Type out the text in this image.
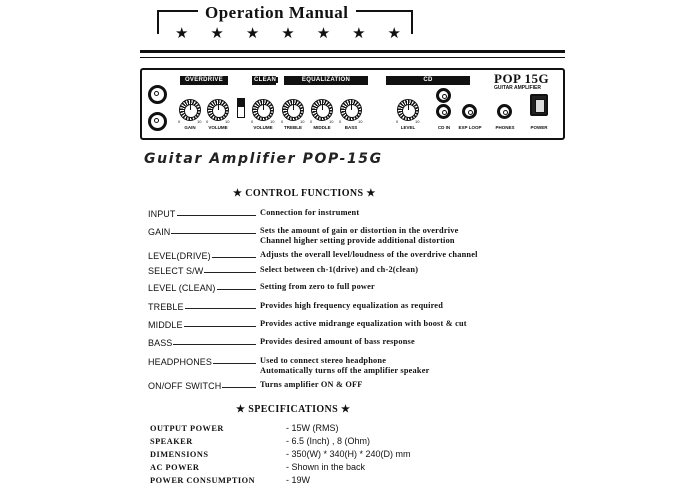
Operation Manual
★ ★ ★ ★ ★ ★ ★
OVERDRIVE	CLEAN	EQUALIZATION	CD
GAIN	VOLUME	VOLUME	TREBLE	MIDDLE	BASS	LEVEL
0	10 0	10	0	10 0	10 0	10 0	10	0	10
CD IN	EXP LOOP	PHONES
POP 15G
GUITAR AMPLIFIER
POWER
Guitar Amplifier POP-15G
★ CONTROL FUNCTIONS ★
INPUT	Connection for instrument
GAIN	Sets the amount of gain or distortion in the overdrive
Channel higher setting provide additional distortion
LEVEL(DRIVE)	Adjusts the overall level/loudness of the overdrive channel
SELECT S/W	Select between ch-1(drive) and ch-2(clean)
LEVEL (CLEAN)	Setting from zero to full power
TREBLE	Provides high frequency equalization as required
MIDDLE	Provides active midrange equalization with boost & cut
BASS	Provides desired amount of bass response
HEADPHONES	Used to connect stereo headphone
Automatically turns off the amplifier speaker
ON/OFF SWITCH	Turns amplifier ON & OFF
★ SPECIFICATIONS ★
OUTPUT POWER	- 15W (RMS)
SPEAKER	- 6.5 (Inch) , 8 (Ohm)
DIMENSIONS	- 350(W) * 340(H) * 240(D) mm
AC POWER	- Shown in the back
POWER CONSUMPTION	- 19W
